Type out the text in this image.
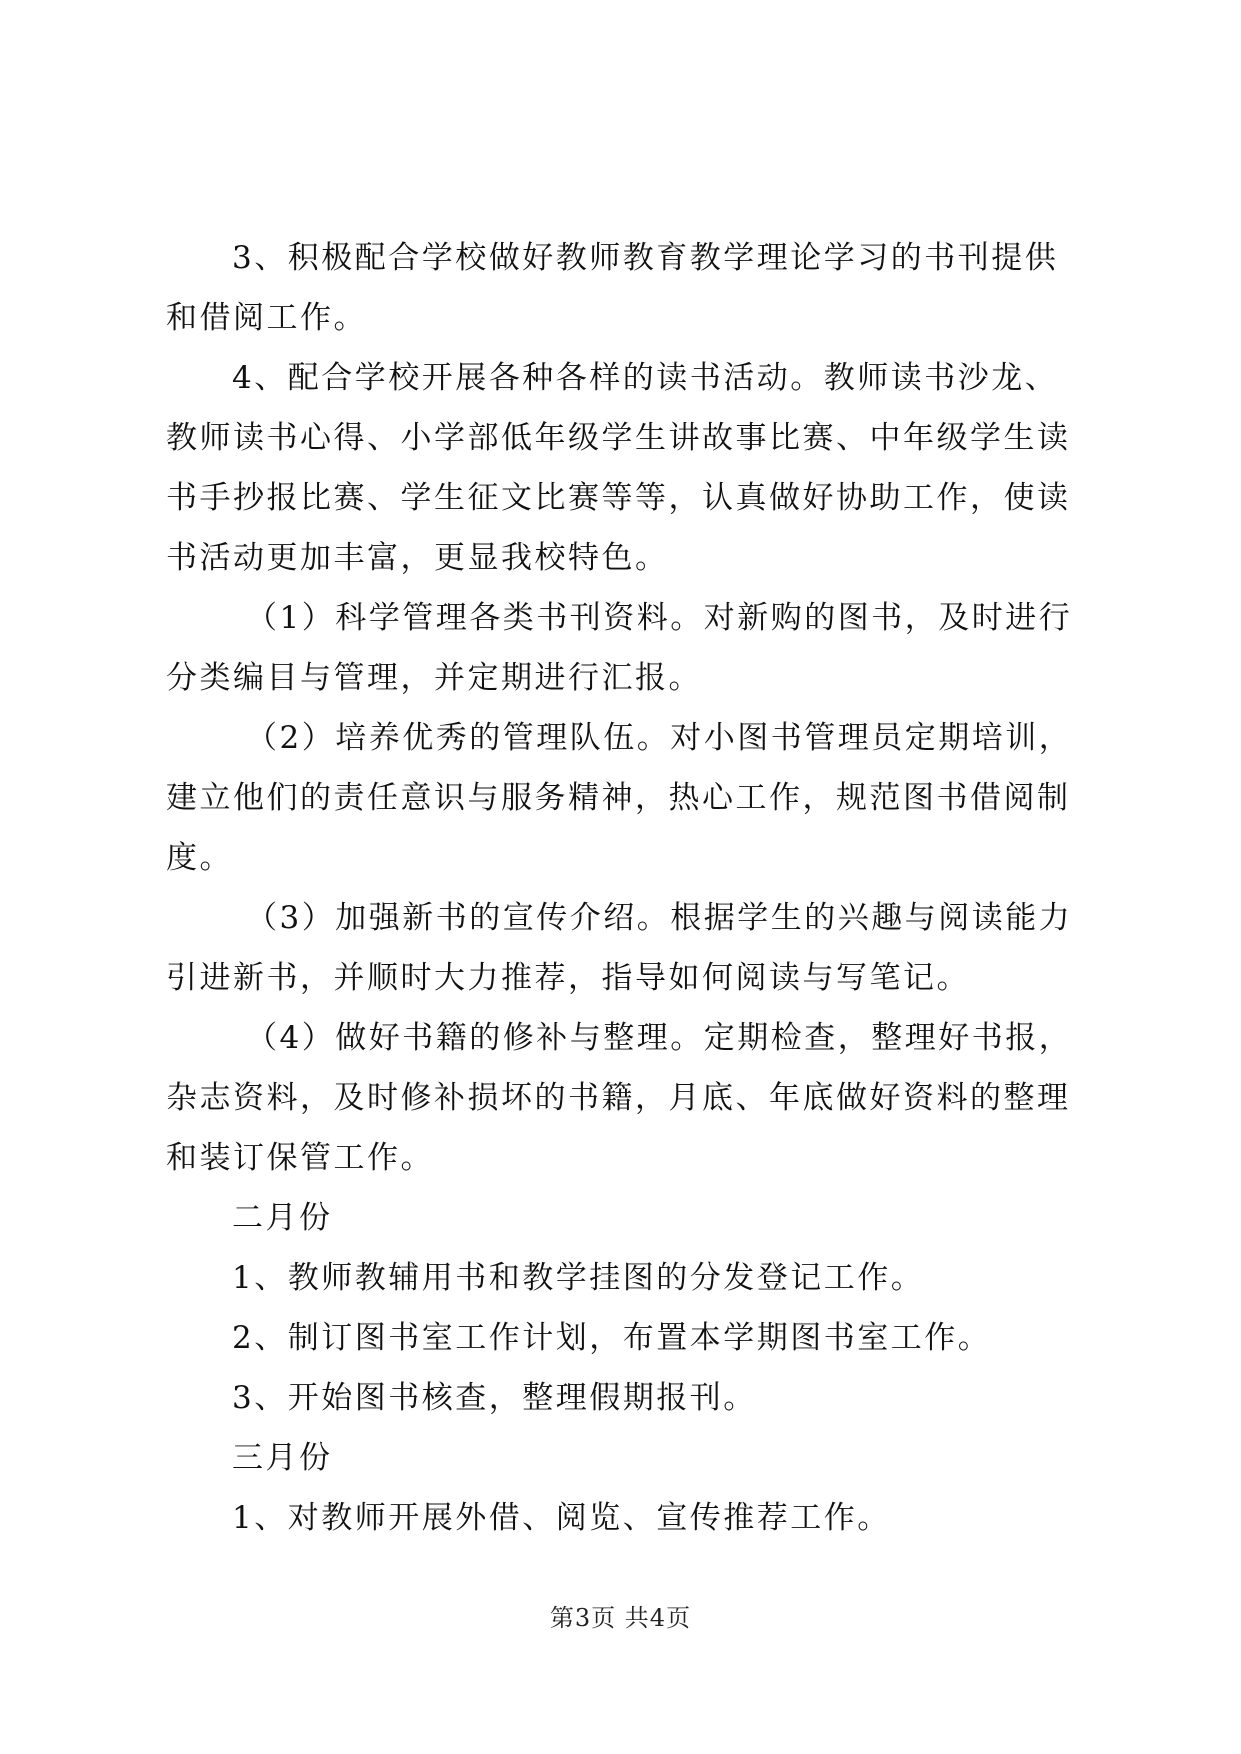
3、积极配合学校做好教师教育教学理论学习的书刊提供和借阅工作。

4、配合学校开展各种各样的读书活动。教师读书沙龙、教师读书心得、小学部低年级学生讲故事比赛、中年级学生读书手抄报比赛、学生征文比赛等等，认真做好协助工作，使读书活动更加丰富，更显我校特色。

（1）科学管理各类书刊资料。对新购的图书，及时进行分类编目与管理，并定期进行汇报。

（2）培养优秀的管理队伍。对小图书管理员定期培训，建立他们的责任意识与服务精神，热心工作，规范图书借阅制度。

（3）加强新书的宣传介绍。根据学生的兴趣与阅读能力引进新书，并顺时大力推荐，指导如何阅读与写笔记。

（4）做好书籍的修补与整理。定期检查，整理好书报，杂志资料，及时修补损坏的书籍，月底、年底做好资料的整理和装订保管工作。

二月份

1、教师教辅用书和教学挂图的分发登记工作。

2、制订图书室工作计划，布置本学期图书室工作。

3、开始图书核查，整理假期报刊。

三月份

1、对教师开展外借、阅览、宣传推荐工作。

第3页 共4页
